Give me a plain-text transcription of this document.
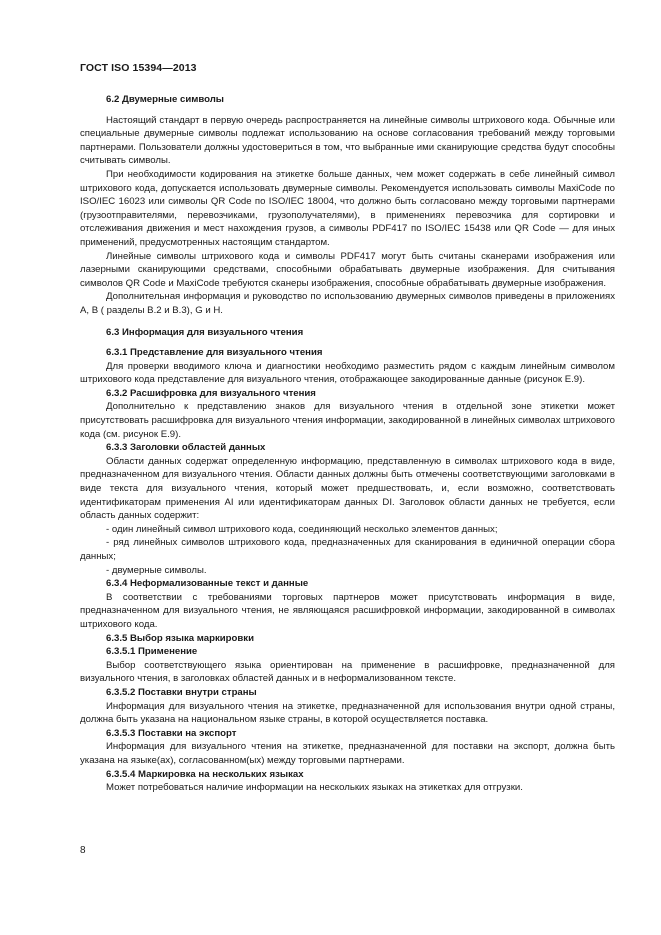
ГОСТ ISO 15394—2013

6.2 Двумерные символы

Настоящий стандарт в первую очередь распространяется на линейные символы штрихового кода. Обычные или специальные двумерные символы подлежат использованию на основе согласования требований между торговыми партнерами. Пользователи должны удостовериться в том, что выбранные ими сканирующие средства будут способны считывать символы.

При необходимости кодирования на этикетке больше данных, чем может содержать в себе линейный символ штрихового кода, допускается использовать двумерные символы. Рекомендуется использовать символы MaxiCode по ISO/IEC 16023 или символы QR Code по ISO/IEC 18004, что должно быть согласовано между торговыми партнерами (грузоотправителями, перевозчиками, грузополучателями), в применениях перевозчика для сортировки и отслеживания движения и мест нахождения грузов, а символы PDF417 по ISO/IEC 15438 или QR Code — для иных применений, предусмотренных настоящим стандартом.

Линейные символы штрихового кода и символы PDF417 могут быть считаны сканерами изображения или лазерными сканирующими средствами, способными обрабатывать двумерные изображения. Для считывания символов QR Code и MaxiCode требуются сканеры изображения, способные обрабатывать двумерные изображения.

Дополнительная информация и руководство по использованию двумерных символов приведены в приложениях А, В ( разделы В.2 и В.3), G и Н.

6.3 Информация для визуального чтения

6.3.1 Представление для визуального чтения

Для проверки вводимого ключа и диагностики необходимо разместить рядом с каждым линейным символом штрихового кода представление для визуального чтения, отображающее закодированные данные (рисунок Е.9).

6.3.2 Расшифровка для визуального чтения

Дополнительно к представлению знаков для визуального чтения в отдельной зоне этикетки может присутствовать расшифровка для визуального чтения информации, закодированной в линейных символах штрихового кода (см. рисунок Е.9).

6.3.3 Заголовки областей данных

Области данных содержат определенную информацию, представленную в символах штрихового кода в виде, предназначенном для визуального чтения. Области данных должны быть отмечены соответствующими заголовками в виде текста для визуального чтения, который может предшествовать, и, если возможно, соответствовать идентификаторам применения AI или идентификаторам данных DI. Заголовок области данных не требуется, если область данных содержит:

- один линейный символ штрихового кода, соединяющий несколько элементов данных;

- ряд линейных символов штрихового кода, предназначенных для сканирования в единичной операции сбора данных;

- двумерные символы.

6.3.4 Неформализованные текст и данные

В соответствии с требованиями торговых партнеров может присутствовать информация в виде, предназначенном для визуального чтения, не являющаяся расшифровкой информации, закодированной в символах штрихового кода.

6.3.5 Выбор языка маркировки

6.3.5.1 Применение

Выбор соответствующего языка ориентирован на применение в расшифровке, предназначенной для визуального чтения, в заголовках областей данных и в неформализованном тексте.

6.3.5.2 Поставки внутри страны

Информация для визуального чтения на этикетке, предназначенной для использования внутри одной страны, должна быть указана на национальном языке страны, в которой осуществляется поставка.

6.3.5.3 Поставки на экспорт

Информация для визуального чтения на этикетке, предназначенной для поставки на экспорт, должна быть указана на языке(ах), согласованном(ых) между торговыми партнерами.

6.3.5.4 Маркировка на нескольких языках

Может потребоваться наличие информации на нескольких языках на этикетках для отгрузки.

8
